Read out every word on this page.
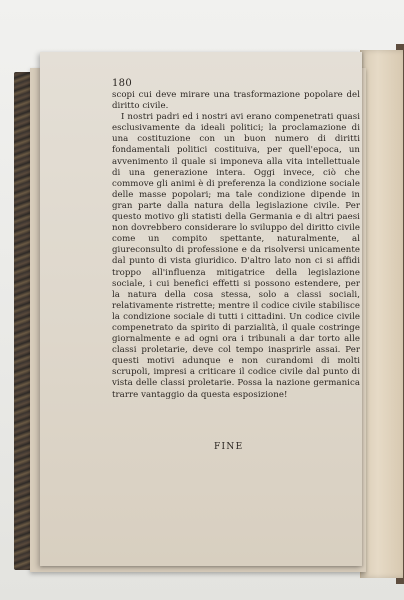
180

scopi cui deve mirare una trasformazione popolare del diritto civile.

I nostri padri ed i nostri avi erano compenetrati quasi esclusivamente da ideali politici; la proclamazione di una costituzione con un buon numero di diritti fondamentali politici costituiva, per quell'epoca, un avvenimento il quale si imponeva alla vita intellettuale di una generazione intera. Oggi invece, ciò che commove gli animi è di preferenza la condizione sociale delle masse popolari; ma tale condizione dipende in gran parte dalla natura della legislazione civile. Per questo motivo gli statisti della Germania e di altri paesi non dovrebbero considerare lo sviluppo del diritto civile come un compito spettante, naturalmente, al giureconsulto di professione e da risolversi unicamente dal punto di vista giuridico. D'altro lato non ci si affidi troppo all'influenza mitigatrice della legislazione sociale, i cui benefici effetti si possono estendere, per la natura della cosa stessa, solo a classi sociali, relativamente ristrette; mentre il codice civile stabilisce la condizione sociale di tutti i cittadini. Un codice civile compenetrato da spirito di parzialità, il quale costringe giornalmente e ad ogni ora i tribunali a dar torto alle classi proletarie, deve col tempo inasprirle assai. Per questi motivi adunque e non curandomi di molti scrupoli, impresi a criticare il codice civile dal punto di vista delle classi proletarie. Possa la nazione germanica trarre vantaggio da questa esposizione!

FINE
